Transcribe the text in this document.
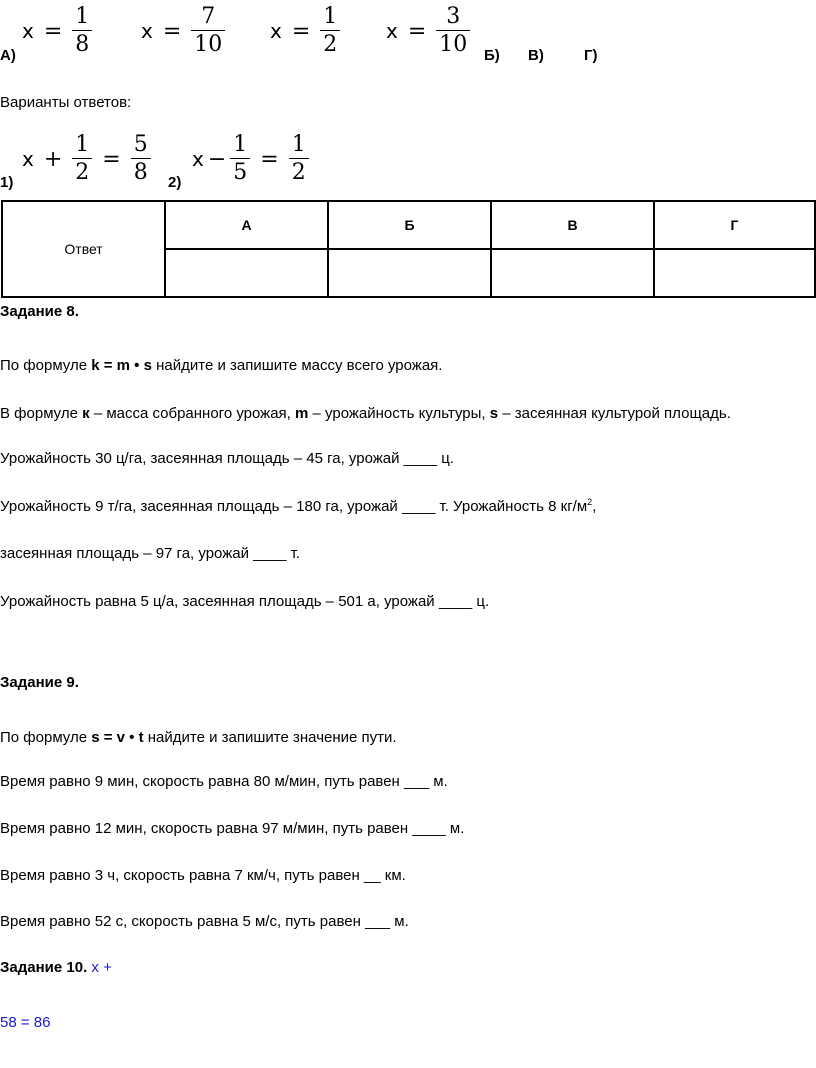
$x = \frac{1}{8}$ $x = \frac{7}{10}$ $x = \frac{1}{2}$ $x = \frac{3}{10}$
А)	Б) В)	Г)
Варианты ответов:
$x + \frac{1}{2} = \frac{5}{8}$ $x - \frac{1}{5} = \frac{1}{2}$
1)	2)
Ответ	А	Б	В	Г

Задание 8.
По формуле k = m • s найдите и запишите массу всего урожая.
В формуле к – масса собранного урожая, m – урожайность культуры, s – засеянная культурой площадь.
Урожайность 30 ц/га, засеянная площадь – 45 га, урожай ____ ц.
Урожайность 9 т/га, засеянная площадь – 180 га, урожай ____ т. Урожайность 8 $кг/м^2$,
засеянная площадь – 97 га, урожай ____ т.
Урожайность равна 5 ц/а, засеянная площадь – 501 а, урожай ____ ц.
Задание 9.
По формуле s = v • t найдите и запишите значение пути.
Время равно 9 мин, скорость равна 80 м/мин, путь равен ___ м.
Время равно 12 мин, скорость равна 97 м/мин, путь равен ____ м.
Время равно 3 ч, скорость равна 7 км/ч, путь равен __ км.
Время равно 52 с, скорость равна 5 м/с, путь равен ___ м.
Задание 10. x +
58 = 86
